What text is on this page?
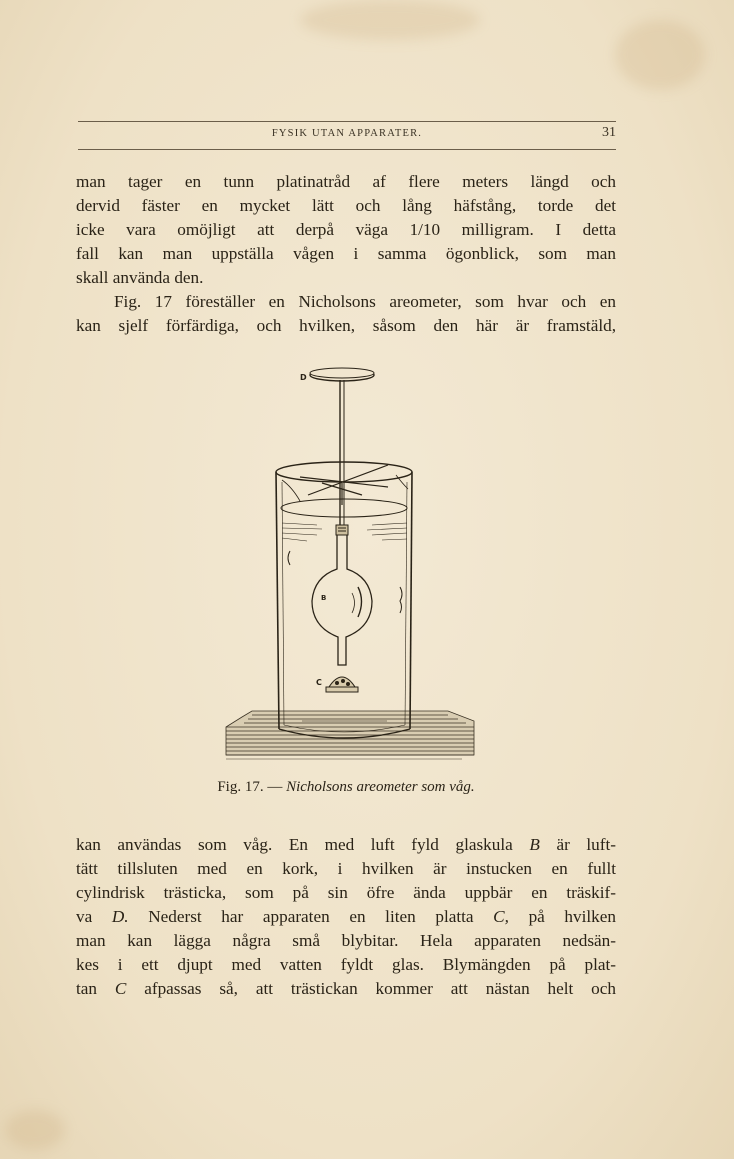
FYSIK UTAN APPARATER.	31
man tager en tunn platinatråd af flere meters längd och
dervid fäster en mycket lätt och lång häfstång, torde det
icke vara omöjligt att derpå väga 1/10 milligram. I detta
fall kan man uppställa vågen i samma ögonblick, som man
skall använda den.
Fig. 17 föreställer en Nicholsons areometer, som hvar och en
kan sjelf förfärdiga, och hvilken, såsom den här är framstäld,
D
B
C
Fig. 17. — Nicholsons areometer som våg.
kan användas som våg. En med luft fyld glaskula B är luft-
tätt tillsluten med en kork, i hvilken är instucken en fullt
cylindrisk trästicka, som på sin öfre ända uppbär en träskif-
va D. Nederst har apparaten en liten platta C, på hvilken
man kan lägga några små blybitar. Hela apparaten nedsän-
kes i ett djupt med vatten fyldt glas. Blymängden på plat-
tan C afpassas så, att trästickan kommer att nästan helt och
